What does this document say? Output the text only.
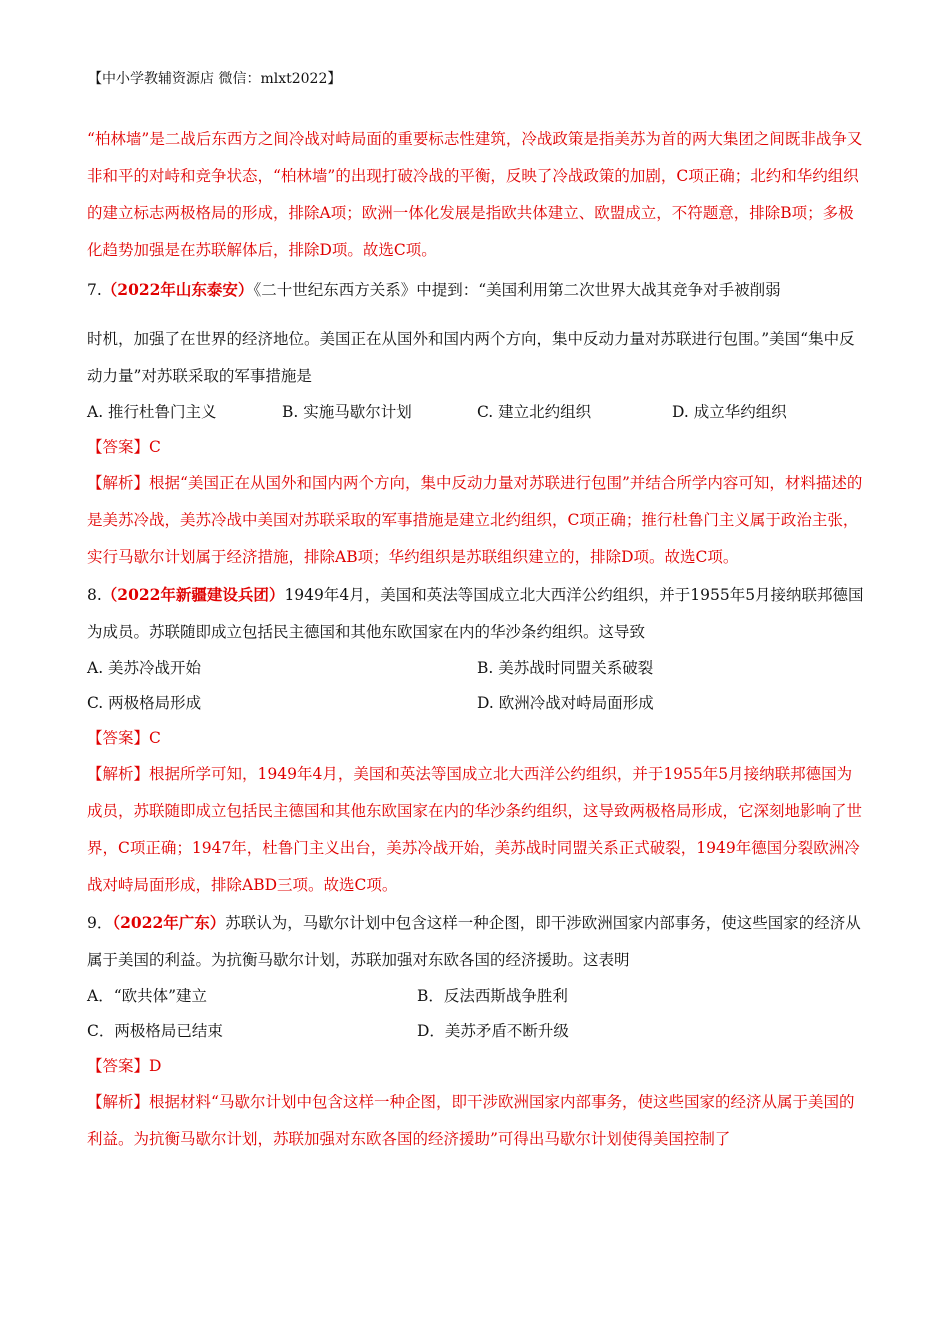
【中小学教辅资源店 微信：mlxt2022】

“柏林墙”是二战后东西方之间冷战对峙局面的重要标志性建筑，冷战政策是指美苏为首的两大集团之间既非战争又非和平的对峙和竞争状态，“柏林墙”的出现打破冷战的平衡，反映了冷战政策的加剧，C项正确；北约和华约组织的建立标志两极格局的形成，排除A项；欧洲一体化发展是指欧共体建立、欧盟成立，不符题意，排除B项；多极化趋势加强是在苏联解体后，排除D项。故选C项。

7.（2022年山东泰安）《二十世纪东西方关系》中提到：“美国利用第二次世界大战其竞争对手被削弱

时机，加强了在世界的经济地位。美国正在从国外和国内两个方向，集中反动力量对苏联进行包围。”美国“集中反动力量”对苏联采取的军事措施是

A. 推行杜鲁门主义	B. 实施马歇尔计划	C. 建立北约组织	D. 成立华约组织

【答案】C

【解析】根据“美国正在从国外和国内两个方向，集中反动力量对苏联进行包围”并结合所学内容可知，材料描述的是美苏冷战，美苏冷战中美国对苏联采取的军事措施是建立北约组织，C项正确；推行杜鲁门主义属于政治主张，实行马歇尔计划属于经济措施，排除AB项；华约组织是苏联组织建立的，排除D项。故选C项。

8.（2022年新疆建设兵团）1949年4月，美国和英法等国成立北大西洋公约组织，并于1955年5月接纳联邦德国为成员。苏联随即成立包括民主德国和其他东欧国家在内的华沙条约组织。这导致

A. 美苏冷战开始	B. 美苏战时同盟关系破裂
C. 两极格局形成	D. 欧洲冷战对峙局面形成

【答案】C

【解析】根据所学可知，1949年4月，美国和英法等国成立北大西洋公约组织，并于1955年5月接纳联邦德国为成员，苏联随即成立包括民主德国和其他东欧国家在内的华沙条约组织，这导致两极格局形成，它深刻地影响了世界，C项正确；1947年，杜鲁门主义出台，美苏冷战开始，美苏战时同盟关系正式破裂，1949年德国分裂欧洲冷战对峙局面形成，排除ABD三项。故选C项。

9．（2022年广东）苏联认为，马歇尔计划中包含这样一种企图，即干涉欧洲国家内部事务，使这些国家的经济从属于美国的利益。为抗衡马歇尔计划，苏联加强对东欧各国的经济援助。这表明

A．“欧共体”建立	B．反法西斯战争胜利
C．两极格局已结束	D．美苏矛盾不断升级

【答案】D

【解析】根据材料“马歇尔计划中包含这样一种企图，即干涉欧洲国家内部事务，使这些国家的经济从属于美国的利益。为抗衡马歇尔计划，苏联加强对东欧各国的经济援助”可得出马歇尔计划使得美国控制了
